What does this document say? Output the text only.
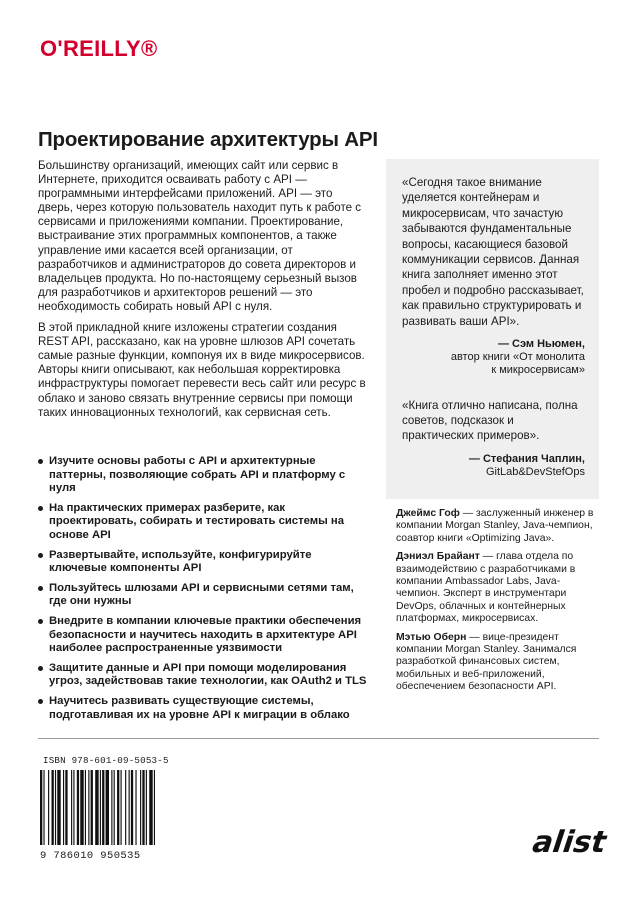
O'REILLY®
Проектирование архитектуры API

Большинству организаций, имеющих сайт или сервис в Интернете, приходится осваивать работу с API — программными интерфейсами приложений. API — это дверь, через которую пользователь находит путь к работе с сервисами и приложениями компании. Проектирование, выстраивание этих программных компонентов, а также управление ими касается всей организации, от разработчиков и администраторов до совета директоров и владельцев продукта. Но по-настоящему серьезный вызов для разработчиков и архитекторов решений — это необходимость собирать новый API с нуля.

В этой прикладной книге изложены стратегии создания REST API, рассказано, как на уровне шлюзов API сочетать самые разные функции, компонуя их в виде микросервисов. Авторы книги описывают, как небольшая корректировка инфраструктуры помогает перевести весь сайт или ресурс в облако и заново связать внутренние сервисы при помощи таких инновационных технологий, как сервисная сеть.

Изучите основы работы с API и архитектурные паттерны, позволяющие собрать API и платформу с нуля
На практических примерах разберите, как проектировать, собирать и тестировать системы на основе API
Развертывайте, используйте, конфигурируйте ключевые компоненты API
Пользуйтесь шлюзами API и сервисными сетями там, где они нужны
Внедрите в компании ключевые практики обеспечения безопасности и научитесь находить в архитектуре API наиболее распространенные уязвимости
Защитите данные и API при помощи моделирования угроз, задействовав такие технологии, как OAuth2 и TLS
Научитесь развивать существующие системы, подготавливая их на уровне API к миграции в облако

«Сегодня такое внимание уделяется контейнерам и микросервисам, что зачастую забываются фундаментальные вопросы, касающиеся базовой коммуникации сервисов. Данная книга заполняет именно этот пробел и подробно рассказывает, как правильно структурировать и развивать ваши API».

— Сэм Ньюмен,
автор книги «От монолита
к микросервисам»

«Книга отлично написана, полна советов, подсказок и практических примеров».

— Стефания Чаплин,
GitLab&DevStefOps

Джеймс Гоф — заслуженный инженер в компании Morgan Stanley, Java-чемпион, соавтор книги «Optimizing Java».

Дэниэл Брайант — глава отдела по взаимодействию с разработчиками в компании Ambassador Labs, Java-чемпион. Эксперт в инструментари DevOps, облачных и контейнерных платформах, микросервисах.

Мэтью Оберн — вице-президент компании Morgan Stanley. Занимался разработкой финансовых систем, мобильных и веб-приложений, обеспечением безопасности API.

ISBN 978-601-09-5053-5
9 786010 950535	alist
